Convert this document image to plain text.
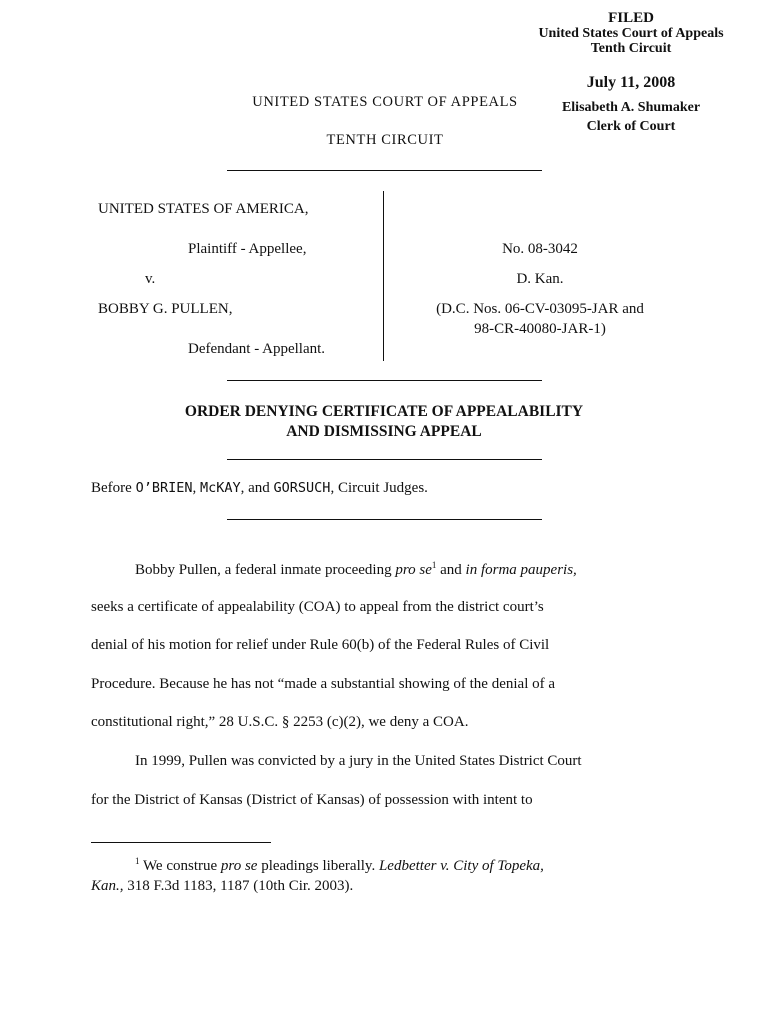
FILED
United States Court of Appeals
Tenth Circuit
July 11, 2008
Elisabeth A. Shumaker
Clerk of Court
UNITED STATES COURT OF APPEALS
TENTH CIRCUIT
UNITED STATES OF AMERICA,
Plaintiff - Appellee,
v.
BOBBY G. PULLEN,
Defendant - Appellant.
No. 08-3042
D. Kan.
(D.C. Nos. 06-CV-03095-JAR and
98-CR-40080-JAR-1)
ORDER DENYING CERTIFICATE OF APPEALABILITY
AND DISMISSING APPEAL
Before O’BRIEN, McKAY, and GORSUCH, Circuit Judges.
Bobby Pullen, a federal inmate proceeding pro $se^1$ and in forma pauperis,
seeks a certificate of appealability (COA) to appeal from the district court’s
denial of his motion for relief under Rule 60(b) of the Federal Rules of Civil
Procedure. Because he has not “made a substantial showing of the denial of a
constitutional right,” 28 U.S.C. § 2253 (c)(2), we deny a COA.
In 1999, Pullen was convicted by a jury in the United States District Court
for the District of Kansas (District of Kansas) of possession with intent to
$^1$ We construe pro se pleadings liberally. Ledbetter v. City of Topeka,
Kan., 318 F.3d 1183, 1187 (10th Cir. 2003).
